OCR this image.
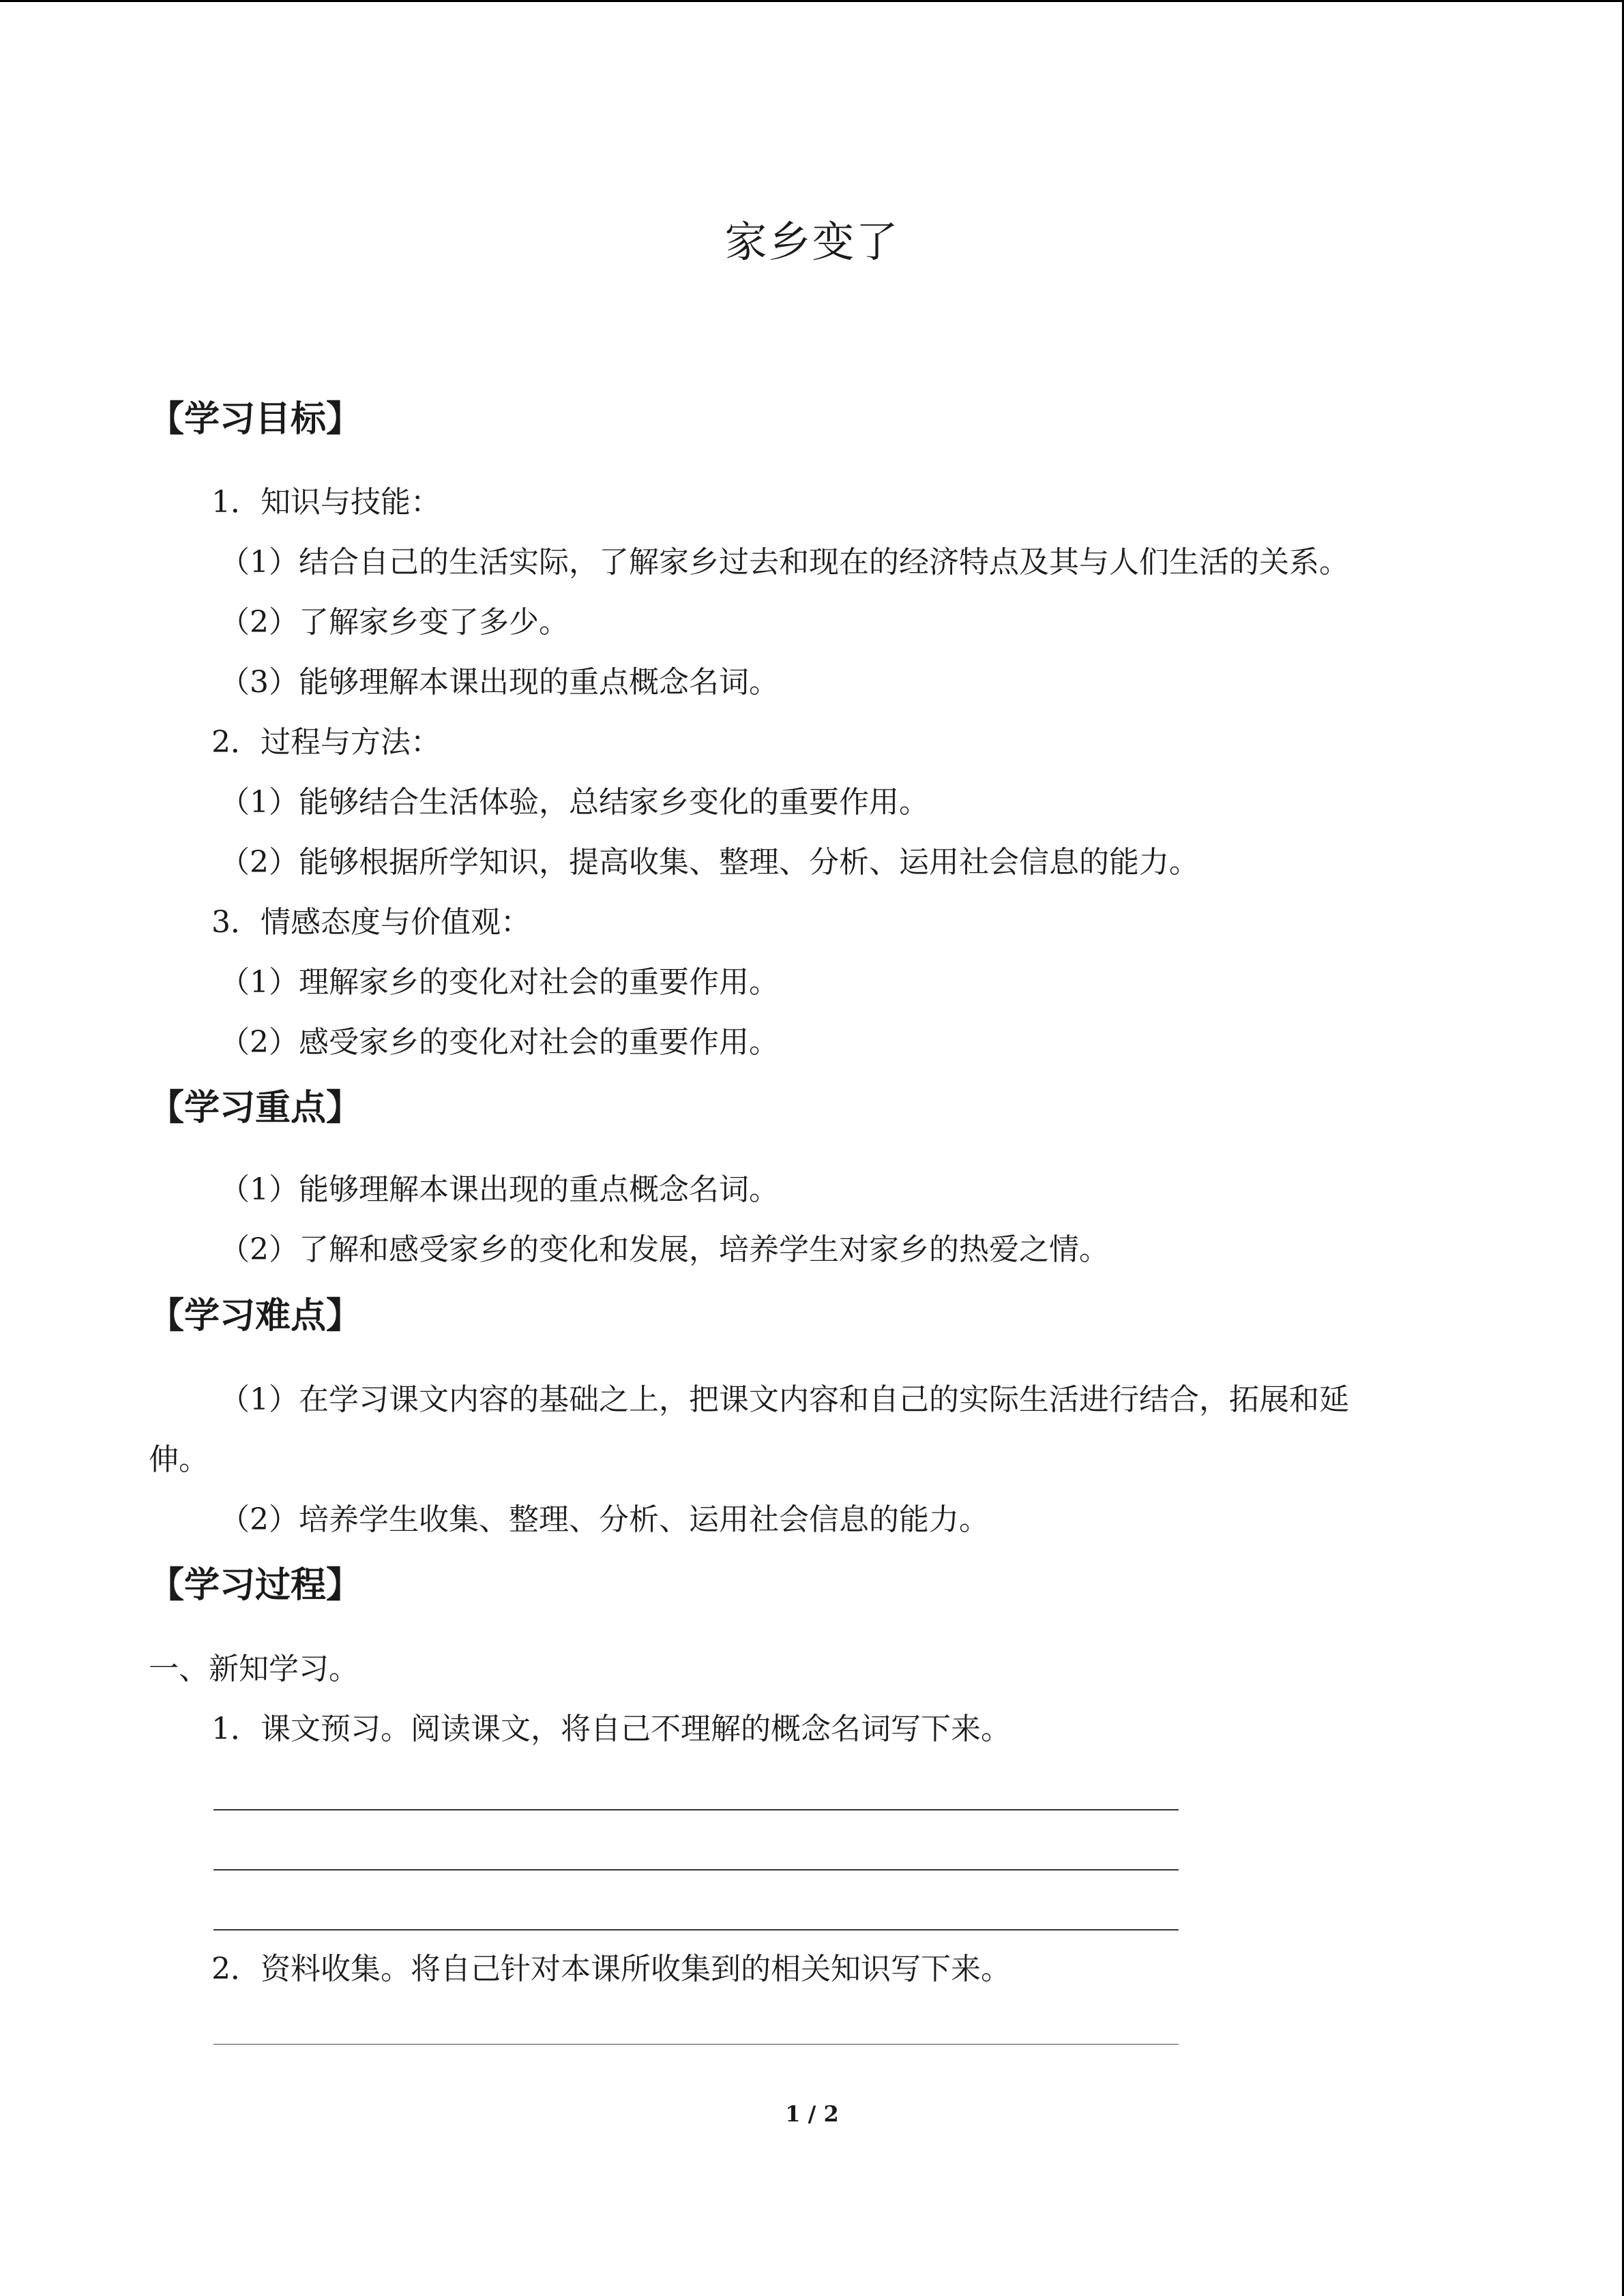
家乡变了
【学习目标】
1．知识与技能：
（1）结合自己的生活实际，了解家乡过去和现在的经济特点及其与人们生活的关系。
（2）了解家乡变了多少。
（3）能够理解本课出现的重点概念名词。
2．过程与方法：
（1）能够结合生活体验，总结家乡变化的重要作用。
（2）能够根据所学知识，提高收集、整理、分析、运用社会信息的能力。
3．情感态度与价值观：
（1）理解家乡的变化对社会的重要作用。
（2）感受家乡的变化对社会的重要作用。
【学习重点】
（1）能够理解本课出现的重点概念名词。
（2）了解和感受家乡的变化和发展，培养学生对家乡的热爱之情。
【学习难点】
（1）在学习课文内容的基础之上，把课文内容和自己的实际生活进行结合，拓展和延
伸。
（2）培养学生收集、整理、分析、运用社会信息的能力。
【学习过程】
一、新知学习。
1．课文预习。阅读课文，将自己不理解的概念名词写下来。
2．资料收集。将自己针对本课所收集到的相关知识写下来。
1 / 2
